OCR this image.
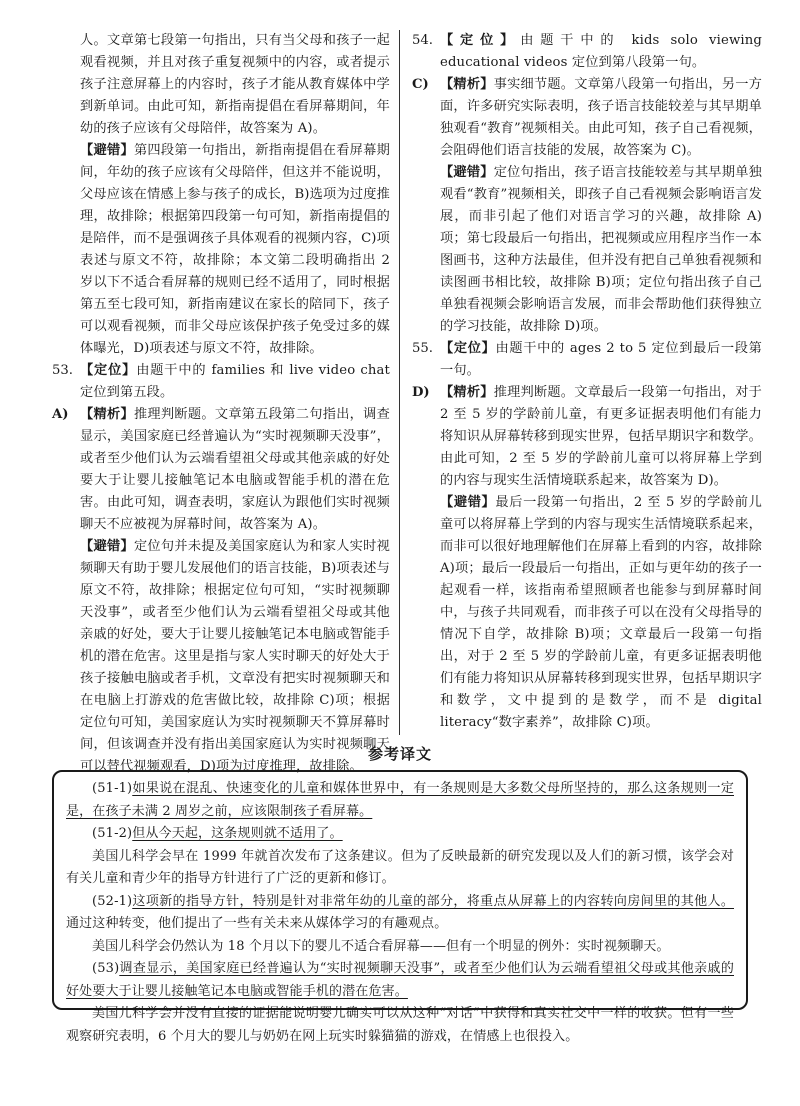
人。文章第七段第一句指出，只有当父母和孩子一起观看视频，并且对孩子重复视频中的内容，或者提示孩子注意屏幕上的内容时，孩子才能从教育媒体中学到新单词。由此可知，新指南提倡在看屏幕期间，年幼的孩子应该有父母陪伴，故答案为 A)。

【避错】第四段第一句指出，新指南提倡在看屏幕期间，年幼的孩子应该有父母陪伴，但这并不能说明，父母应该在情感上参与孩子的成长，B)选项为过度推理，故排除；根据第四段第一句可知，新指南提倡的是陪伴，而不是强调孩子具体观看的视频内容，C)项表述与原文不符，故排除；本文第二段明确指出 2 岁以下不适合看屏幕的规则已经不适用了，同时根据第五至七段可知，新指南建议在家长的陪同下，孩子可以观看视频，而非父母应该保护孩子免受过多的媒体曝光，D)项表述与原文不符，故排除。

53. 【定位】由题干中的 families 和 live video chat 定位到第五段。

A) 【精析】推理判断题。文章第五段第二句指出，调查显示，美国家庭已经普遍认为“实时视频聊天没事”，或者至少他们认为云端看望祖父母或其他亲戚的好处要大于让婴儿接触笔记本电脑或智能手机的潜在危害。由此可知，调查表明，家庭认为跟他们实时视频聊天不应被视为屏幕时间，故答案为 A)。

【避错】定位句并未提及美国家庭认为和家人实时视频聊天有助于婴儿发展他们的语言技能，B)项表述与原文不符，故排除；根据定位句可知，“实时视频聊天没事”，或者至少他们认为云端看望祖父母或其他亲戚的好处，要大于让婴儿接触笔记本电脑或智能手机的潜在危害。这里是指与家人实时聊天的好处大于孩子接触电脑或者手机，文章没有把实时视频聊天和在电脑上打游戏的危害做比较，故排除 C)项；根据定位句可知，美国家庭认为实时视频聊天不算屏幕时间，但该调查并没有指出美国家庭认为实时视频聊天可以替代视频观看，D)项为过度推理，故排除。

54. 【定位】由题干中的 kids solo viewing educational videos 定位到第八段第一句。

C) 【精析】事实细节题。文章第八段第一句指出，另一方面，许多研究实际表明，孩子语言技能较差与其早期单独观看“教育”视频相关。由此可知，孩子自己看视频，会阻碍他们语言技能的发展，故答案为 C)。

【避错】定位句指出，孩子语言技能较差与其早期单独观看“教育”视频相关，即孩子自己看视频会影响语言发展，而非引起了他们对语言学习的兴趣，故排除 A)项；第七段最后一句指出，把视频或应用程序当作一本图画书，这种方法最佳，但并没有把自己单独看视频和读图画书相比较，故排除 B)项；定位句指出孩子自己单独看视频会影响语言发展，而非会帮助他们获得独立的学习技能，故排除 D)项。

55. 【定位】由题干中的 ages 2 to 5 定位到最后一段第一句。

D) 【精析】推理判断题。文章最后一段第一句指出，对于 2 至 5 岁的学龄前儿童，有更多证据表明他们有能力将知识从屏幕转移到现实世界，包括早期识字和数学。由此可知，2 至 5 岁的学龄前儿童可以将屏幕上学到的内容与现实生活情境联系起来，故答案为 D)。

【避错】最后一段第一句指出，2 至 5 岁的学龄前儿童可以将屏幕上学到的内容与现实生活情境联系起来，而非可以很好地理解他们在屏幕上看到的内容，故排除 A)项；最后一段最后一句指出，正如与更年幼的孩子一起观看一样，该指南希望照顾者也能参与到屏幕时间中，与孩子共同观看，而非孩子可以在没有父母指导的情况下自学，故排除 B)项；文章最后一段第一句指出，对于 2 至 5 岁的学龄前儿童，有更多证据表明他们有能力将知识从屏幕转移到现实世界，包括早期识字和数学，文中提到的是数学，而不是 digital literacy“数字素养”，故排除 C)项。

参考译文

(51-1)如果说在混乱、快速变化的儿童和媒体世界中，有一条规则是大多数父母所坚持的，那么这条规则一定是，在孩子未满 2 周岁之前，应该限制孩子看屏幕。

(51-2)但从今天起，这条规则就不适用了。

美国儿科学会早在 1999 年就首次发布了这条建议。但为了反映最新的研究发现以及人们的新习惯，该学会对有关儿童和青少年的指导方针进行了广泛的更新和修订。

(52-1)这项新的指导方针，特别是针对非常年幼的儿童的部分，将重点从屏幕上的内容转向房间里的其他人。通过这种转变，他们提出了一些有关未来从媒体学习的有趣观点。

美国儿科学会仍然认为 18 个月以下的婴儿不适合看屏幕——但有一个明显的例外：实时视频聊天。

(53)调查显示，美国家庭已经普遍认为“实时视频聊天没事”，或者至少他们认为云端看望祖父母或其他亲戚的好处要大于让婴儿接触笔记本电脑或智能手机的潜在危害。

美国儿科学会并没有直接的证据能说明婴儿确实可以从这种“对话”中获得和真实社交中一样的收获。但有一些观察研究表明，6 个月大的婴儿与奶奶在网上玩实时躲猫猫的游戏，在情感上也很投入。
